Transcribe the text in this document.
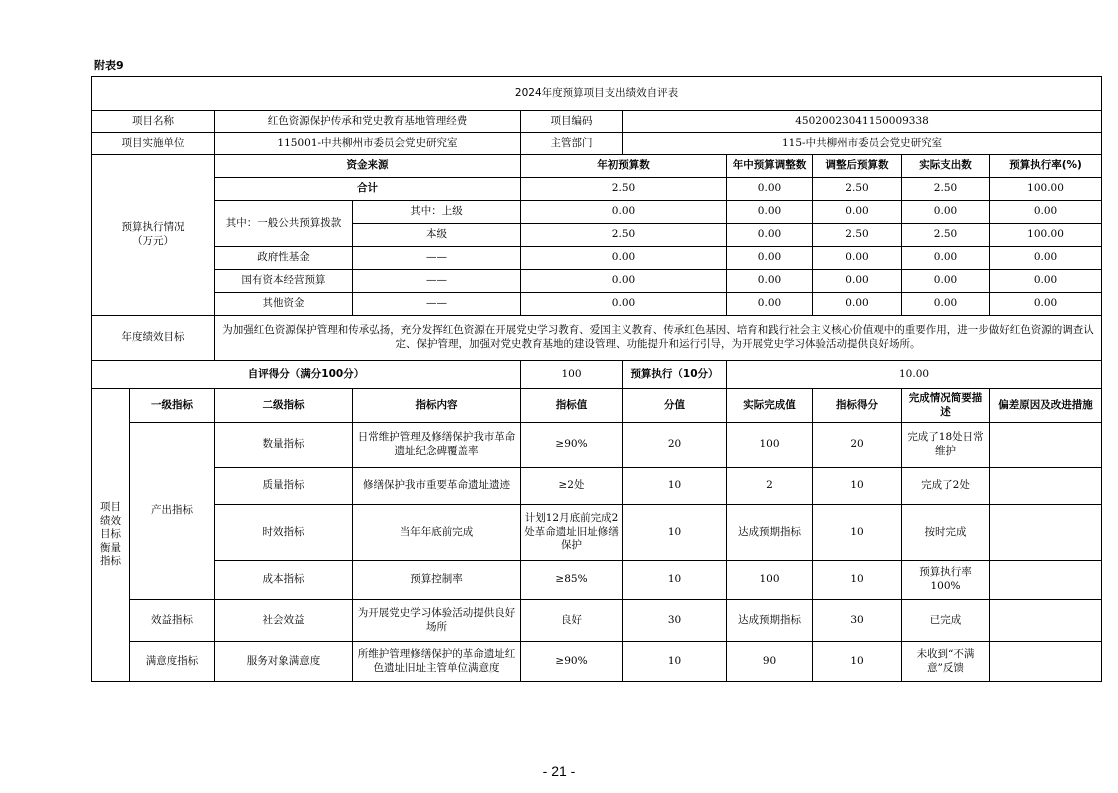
附表9
2024年度预算项目支出绩效自评表									
项目名称		红色资源保护传承和党史教育基地管理经费		项目编码	45020023041150009338				
项目实施单位		115001-中共柳州市委员会党史研究室		主管部门	115-中共柳州市委员会党史研究室				
预算执行情况
（万元）		资金来源		年初预算数		年中预算调整数	调整后预算数	实际支出数	预算执行率(%)
		合计		2.50		0.00	2.50	2.50	100.00
		其中：一般公共预算拨款	其中：上级	0.00		0.00	0.00	0.00	0.00
			本级	2.50		0.00	2.50	2.50	100.00
		政府性基金	——	0.00		0.00	0.00	0.00	0.00
		国有资本经营预算	——	0.00		0.00	0.00	0.00	0.00
		其他资金	——	0.00		0.00	0.00	0.00	0.00
年度绩效目标		为加强红色资源保护管理和传承弘扬，充分发挥红色资源在开展党史学习教育、爱国主义教育、传承红色基因、培育和践行社会主义核心价值观中的重要作用，进一步做好红色资源的调查认定、保护管理，加强对党史教育基地的建设管理、功能提升和运行引导，为开展党史学习体验活动提供良好场所。							
自评得分（满分100分）				100	预算执行（10分）	10.00			
项目
绩效
目标
衡量
指标	一级指标	二级指标	指标内容	指标值	分值	实际完成值	指标得分	完成情况简要描述	偏差原因及改进措施
	产出指标	数量指标	日常维护管理及修缮保护我市革命遗址纪念碑覆盖率	≥90%	20	100	20	完成了18处日常维护	
		质量指标	修缮保护我市重要革命遗址遗迹	≥2处	10	2	10	完成了2处	
		时效指标	当年年底前完成	计划12月底前完成2处革命遗址旧址修缮保护	10	达成预期指标	10	按时完成	
		成本指标	预算控制率	≥85%	10	100	10	预算执行率100%	
	效益指标	社会效益	为开展党史学习体验活动提供良好场所	良好	30	达成预期指标	30	已完成	
	满意度指标	服务对象满意度	所维护管理修缮保护的革命遗址红色遗址旧址主管单位满意度	≥90%	10	90	10	未收到“不满意”反馈	
- 21 -
